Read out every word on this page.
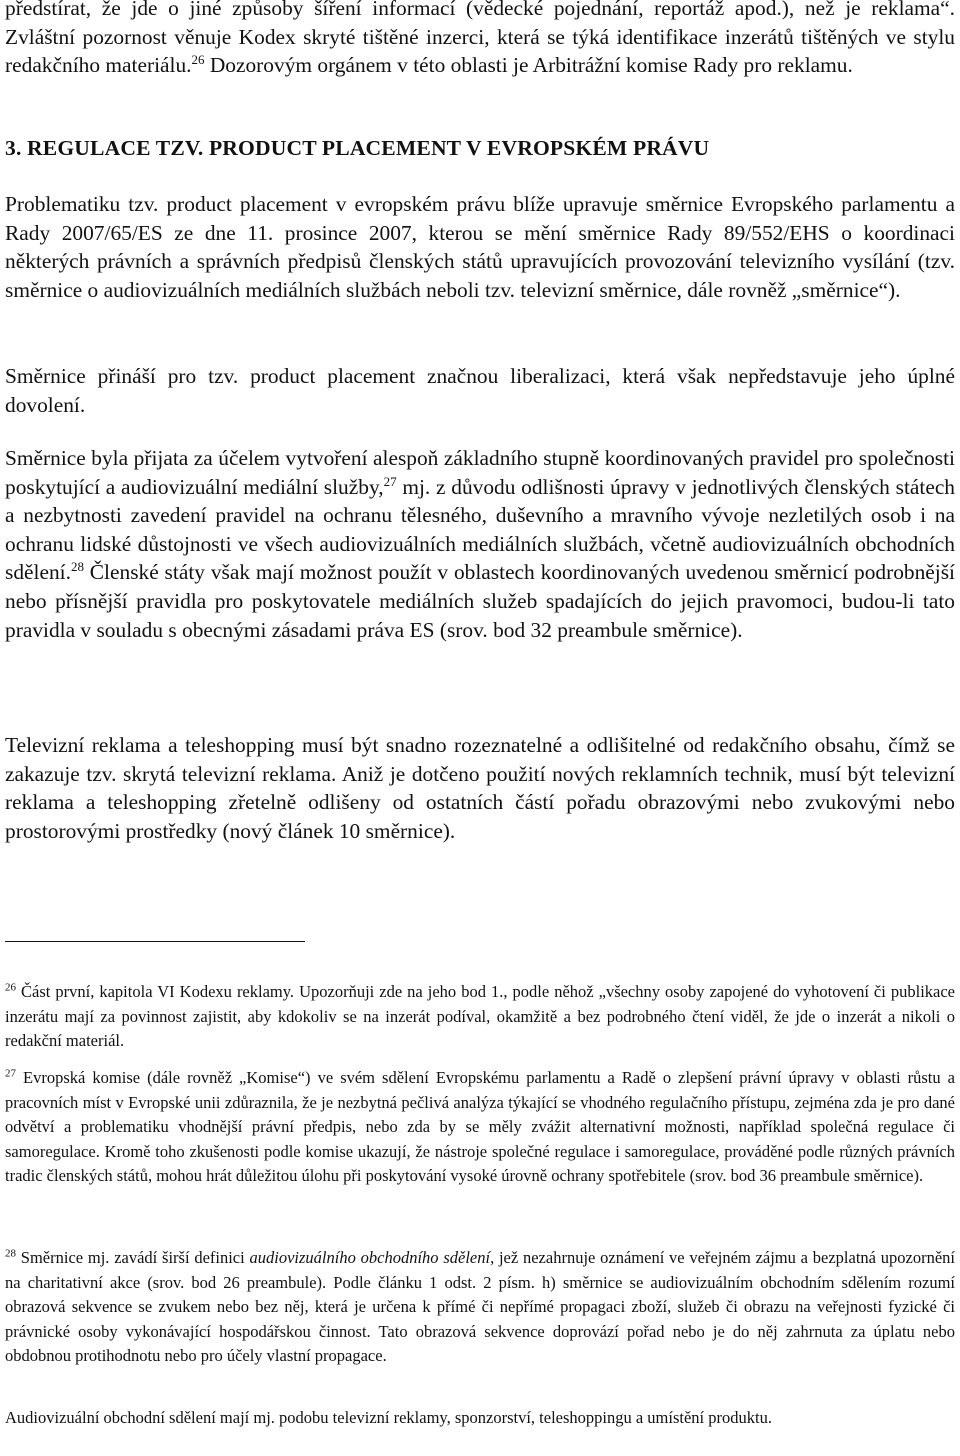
předstírat, že jde o jiné způsoby šíření informací (vědecké pojednání, reportáž apod.), než je reklama“. Zvláštní pozornost věnuje Kodex skryté tištěné inzerci, která se týká identifikace inzerátů tištěných ve stylu redakčního materiálu.$^{26}$ Dozorovým orgánem v této oblasti je Arbitrážní komise Rady pro reklamu.

3. REGULACE TZV. PRODUCT PLACEMENT V EVROPSKÉM PRÁVU

Problematiku tzv. product placement v evropském právu blíže upravuje směrnice Evropského parlamentu a Rady 2007/65/ES ze dne 11. prosince 2007, kterou se mění směrnice Rady 89/552/EHS o koordinaci některých právních a správních předpisů členských států upravujících provozování televizního vysílání (tzv. směrnice o audiovizuálních mediálních službách neboli tzv. televizní směrnice, dále rovněž „směrnice“).

Směrnice přináší pro tzv. product placement značnou liberalizaci, která však nepředstavuje jeho úplné dovolení.

Směrnice byla přijata za účelem vytvoření alespoň základního stupně koordinovaných pravidel pro společnosti poskytující a audiovizuální mediální služby,$^{27}$ mj. z důvodu odlišnosti úpravy v jednotlivých členských státech a nezbytnosti zavedení pravidel na ochranu tělesného, duševního a mravního vývoje nezletilých osob i na ochranu lidské důstojnosti ve všech audiovizuálních mediálních službách, včetně audiovizuálních obchodních sdělení.$^{28}$ Členské státy však mají možnost použít v oblastech koordinovaných uvedenou směrnicí podrobnější nebo přísnější pravidla pro poskytovatele mediálních služeb spadajících do jejich pravomoci, budou-li tato pravidla v souladu s obecnými zásadami práva ES (srov. bod 32 preambule směrnice).

Televizní reklama a teleshopping musí být snadno rozeznatelné a odlišitelné od redakčního obsahu, čímž se zakazuje tzv. skrytá televizní reklama. Aniž je dotčeno použití nových reklamních technik, musí být televizní reklama a teleshopping zřetelně odlišeny od ostatních částí pořadu obrazovými nebo zvukovými nebo prostorovými prostředky (nový článek 10 směrnice).

$^{26}$ Část první, kapitola VI Kodexu reklamy. Upozorňuji zde na jeho bod 1., podle něhož „všechny osoby zapojené do vyhotovení či publikace inzerátu mají za povinnost zajistit, aby kdokoliv se na inzerát podíval, okamžitě a bez podrobného čtení viděl, že jde o inzerát a nikoli o redakční materiál.

$^{27}$ Evropská komise (dále rovněž „Komise“) ve svém sdělení Evropskému parlamentu a Radě o zlepšení právní úpravy v oblasti růstu a pracovních míst v Evropské unii zdůraznila, že je nezbytná pečlivá analýza týkající se vhodného regulačního přístupu, zejména zda je pro dané odvětví a problematiku vhodnější právní předpis, nebo zda by se měly zvážit alternativní možnosti, například společná regulace či samoregulace. Kromě toho zkušenosti podle komise ukazují, že nástroje společné regulace i samoregulace, prováděné podle různých právních tradic členských států, mohou hrát důležitou úlohu při poskytování vysoké úrovně ochrany spotřebitele (srov. bod 36 preambule směrnice).

$^{28}$ Směrnice mj. zavádí širší definici audiovizuálního obchodního sdělení, jež nezahrnuje oznámení ve veřejném zájmu a bezplatná upozornění na charitativní akce (srov. bod 26 preambule). Podle článku 1 odst. 2 písm. h) směrnice se audiovizuálním obchodním sdělením rozumí obrazová sekvence se zvukem nebo bez něj, která je určena k přímé či nepřímé propagaci zboží, služeb či obrazu na veřejnosti fyzické či právnické osoby vykonávající hospodářskou činnost. Tato obrazová sekvence doprovází pořad nebo je do něj zahrnuta za úplatu nebo obdobnou protihodnotu nebo pro účely vlastní propagace.

Audiovizuální obchodní sdělení mají mj. podobu televizní reklamy, sponzorství, teleshoppingu a umístění produktu.
